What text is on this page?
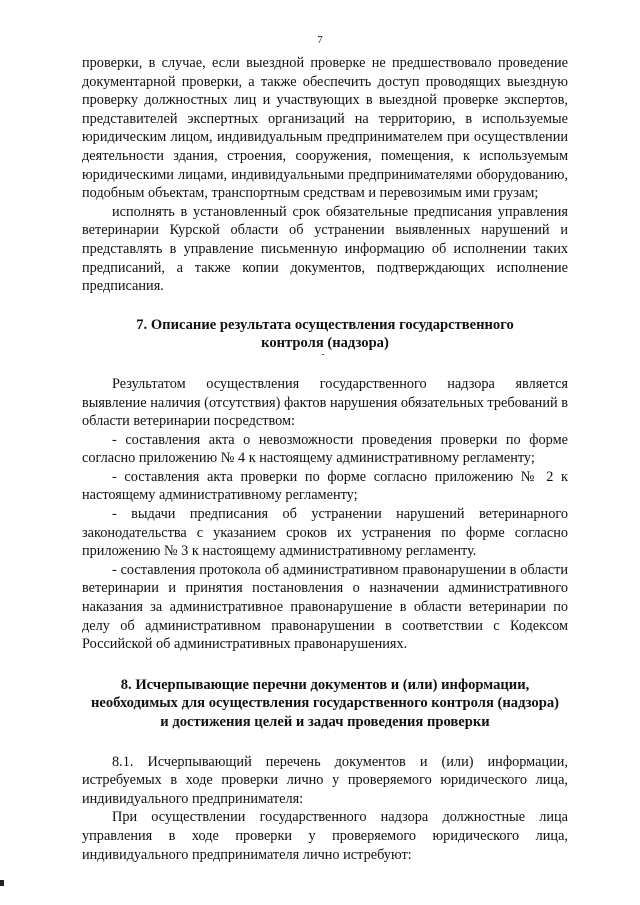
7

проверки, в случае, если выездной проверке не предшествовало проведение документарной проверки, а также обеспечить доступ проводящих выездную проверку должностных лиц и участвующих в выездной проверке экспертов, представителей экспертных организаций на территорию, в используемые юридическим лицом, индивидуальным предпринимателем при осуществлении деятельности здания, строения, сооружения, помещения, к используемым юридическими лицами, индивидуальными предпринимателями оборудованию, подобным объектам, транспортным средствам и перевозимым ими грузам;

исполнять в установленный срок обязательные предписания управления ветеринарии Курской области об устранении выявленных нарушений и представлять в управление письменную информацию об исполнении таких предписаний, а также копии документов, подтверждающих исполнение предписания.

7. Описание результата осуществления государственного
контроля (надзора)

Результатом осуществления государственного надзора является выявление наличия (отсутствия) фактов нарушения обязательных требований в области ветеринарии посредством:

- составления акта о невозможности проведения проверки по форме согласно приложению № 4 к настоящему административному регламенту;

- составления акта проверки по форме согласно приложению № 2 к настоящему административному регламенту;

- выдачи предписания об устранении нарушений ветеринарного законодательства с указанием сроков их устранения по форме согласно приложению № 3 к настоящему административному регламенту.

- составления протокола об административном правонарушении в области ветеринарии и принятия постановления о назначении административного наказания за административное правонарушение в области ветеринарии по делу об административном правонарушении в соответствии с Кодексом Российской об административных правонарушениях.

8. Исчерпывающие перечни документов и (или) информации,
необходимых для осуществления государственного контроля (надзора)
и достижения целей и задач проведения проверки

8.1. Исчерпывающий перечень документов и (или) информации, истребуемых в ходе проверки лично у проверяемого юридического лица, индивидуального предпринимателя:

При осуществлении государственного надзора должностные лица управления в ходе проверки у проверяемого юридического лица, индивидуального предпринимателя лично истребуют:
